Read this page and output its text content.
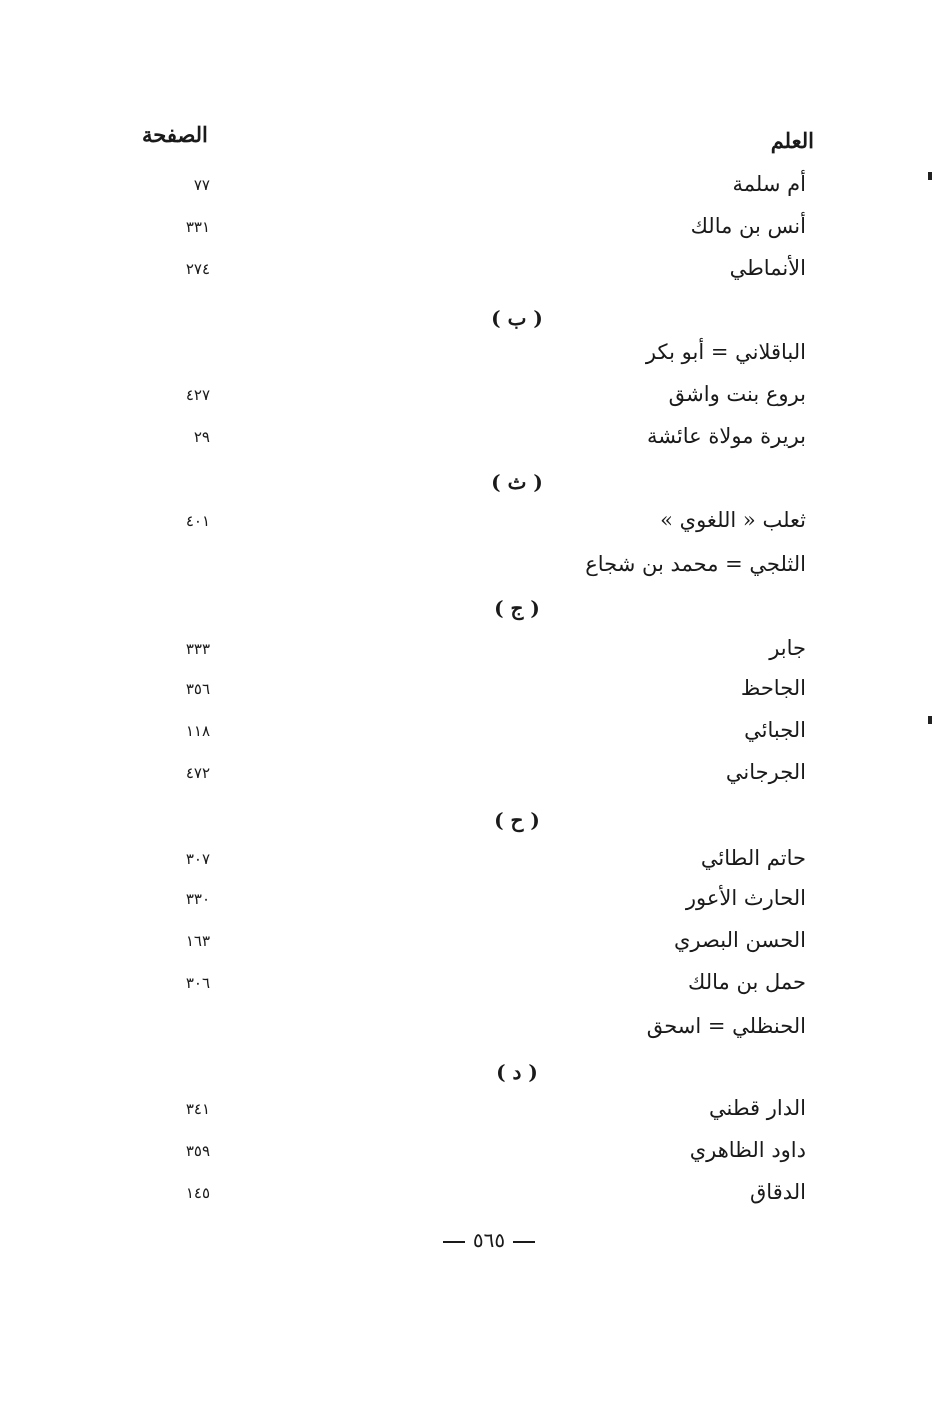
العلم
الصفحة
أم سلمة
٧٧
أنس بن مالك
٣٣١
الأنماطي
٢٧٤
( ب )
الباقلاني = أبو بكر
بروع بنت واشق
٤٢٧
بريرة مولاة عائشة
٢٩
( ث )
ثعلب « اللغوي »
٤٠١
الثلجي = محمد بن شجاع
( ج )
جابر
٣٣٣
الجاحظ
٣٥٦
الجبائي
١١٨
الجرجاني
٤٧٢
( ح )
حاتم الطائي
٣٠٧
الحارث الأعور
٣٣٠
الحسن البصري
١٦٣
حمل بن مالك
٣٠٦
الحنظلي = اسحق
( د )
الدار قطني
٣٤١
داود الظاهري
٣٥٩
الدقاق
١٤٥
٥٦٥
